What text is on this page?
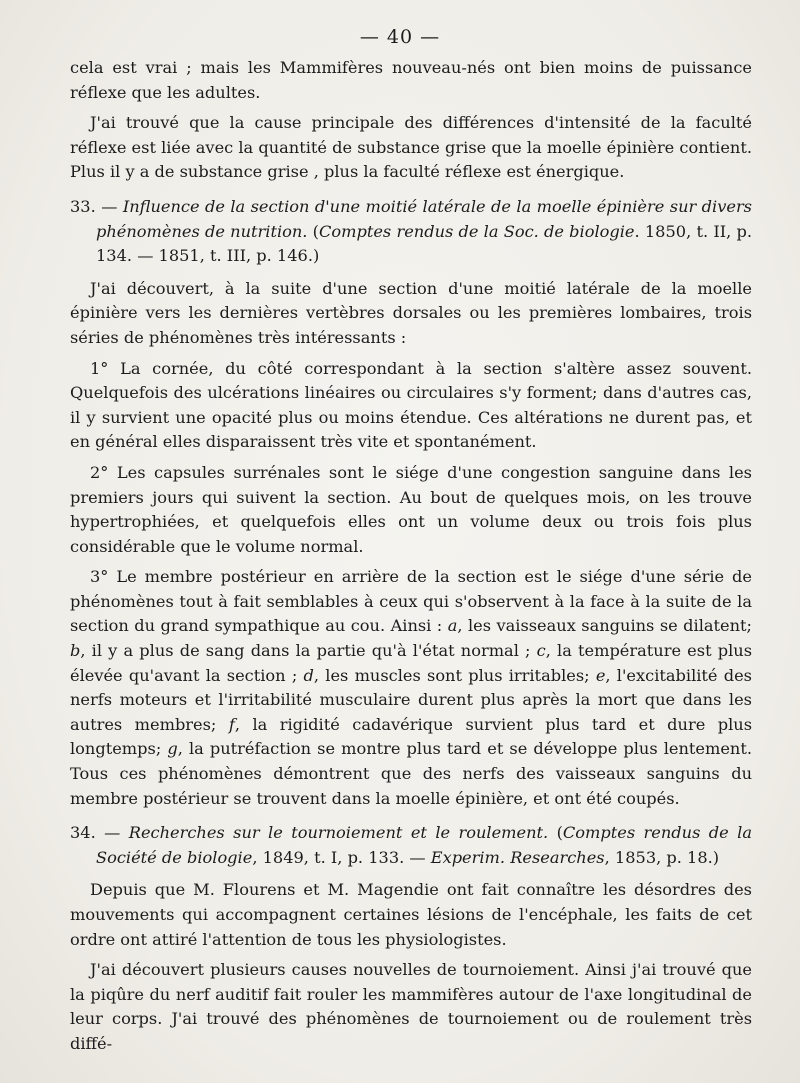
— 40 —

cela est vrai ; mais les Mammifères nouveau-nés ont bien moins de puissance réflexe que les adultes.

J'ai trouvé que la cause principale des différences d'intensité de la faculté réflexe est liée avec la quantité de substance grise que la moelle épinière contient. Plus il y a de substance grise , plus la faculté réflexe est énergique.

33. — Influence de la section d'une moitié latérale de la moelle épinière sur divers phénomènes de nutrition. (Comptes rendus de la Soc. de biologie. 1850, t. II, p. 134. — 1851, t. III, p. 146.)

J'ai découvert, à la suite d'une section d'une moitié latérale de la moelle épinière vers les dernières vertèbres dorsales ou les premières lombaires, trois séries de phénomènes très intéressants :

1° La cornée, du côté correspondant à la section s'altère assez souvent. Quelquefois des ulcérations linéaires ou circulaires s'y forment; dans d'autres cas, il y survient une opacité plus ou moins étendue. Ces altérations ne durent pas, et en général elles disparaissent très vite et spontanément.

2° Les capsules surrénales sont le siége d'une congestion sanguine dans les premiers jours qui suivent la section. Au bout de quelques mois, on les trouve hypertrophiées, et quelquefois elles ont un volume deux ou trois fois plus considérable que le volume normal.

3° Le membre postérieur en arrière de la section est le siége d'une série de phénomènes tout à fait semblables à ceux qui s'observent à la face à la suite de la section du grand sympathique au cou. Ainsi : a, les vaisseaux sanguins se dilatent; b, il y a plus de sang dans la partie qu'à l'état normal ; c, la température est plus élevée qu'avant la section ; d, les muscles sont plus irritables; e, l'excitabilité des nerfs moteurs et l'irritabilité musculaire durent plus après la mort que dans les autres membres; f, la rigidité cadavérique survient plus tard et dure plus longtemps; g, la putréfaction se montre plus tard et se développe plus lentement. Tous ces phénomènes démontrent que des nerfs des vaisseaux sanguins du membre postérieur se trouvent dans la moelle épinière, et ont été coupés.

34. — Recherches sur le tournoiement et le roulement. (Comptes rendus de la Société de biologie, 1849, t. I, p. 133. — Experim. Researches, 1853, p. 18.)

Depuis que M. Flourens et M. Magendie ont fait connaître les désordres des mouvements qui accompagnent certaines lésions de l'encéphale, les faits de cet ordre ont attiré l'attention de tous les physiologistes.

J'ai découvert plusieurs causes nouvelles de tournoiement. Ainsi j'ai trouvé que la piqûre du nerf auditif fait rouler les mammifères autour de l'axe longitudinal de leur corps. J'ai trouvé des phénomènes de tournoiement ou de roulement très diffé-
